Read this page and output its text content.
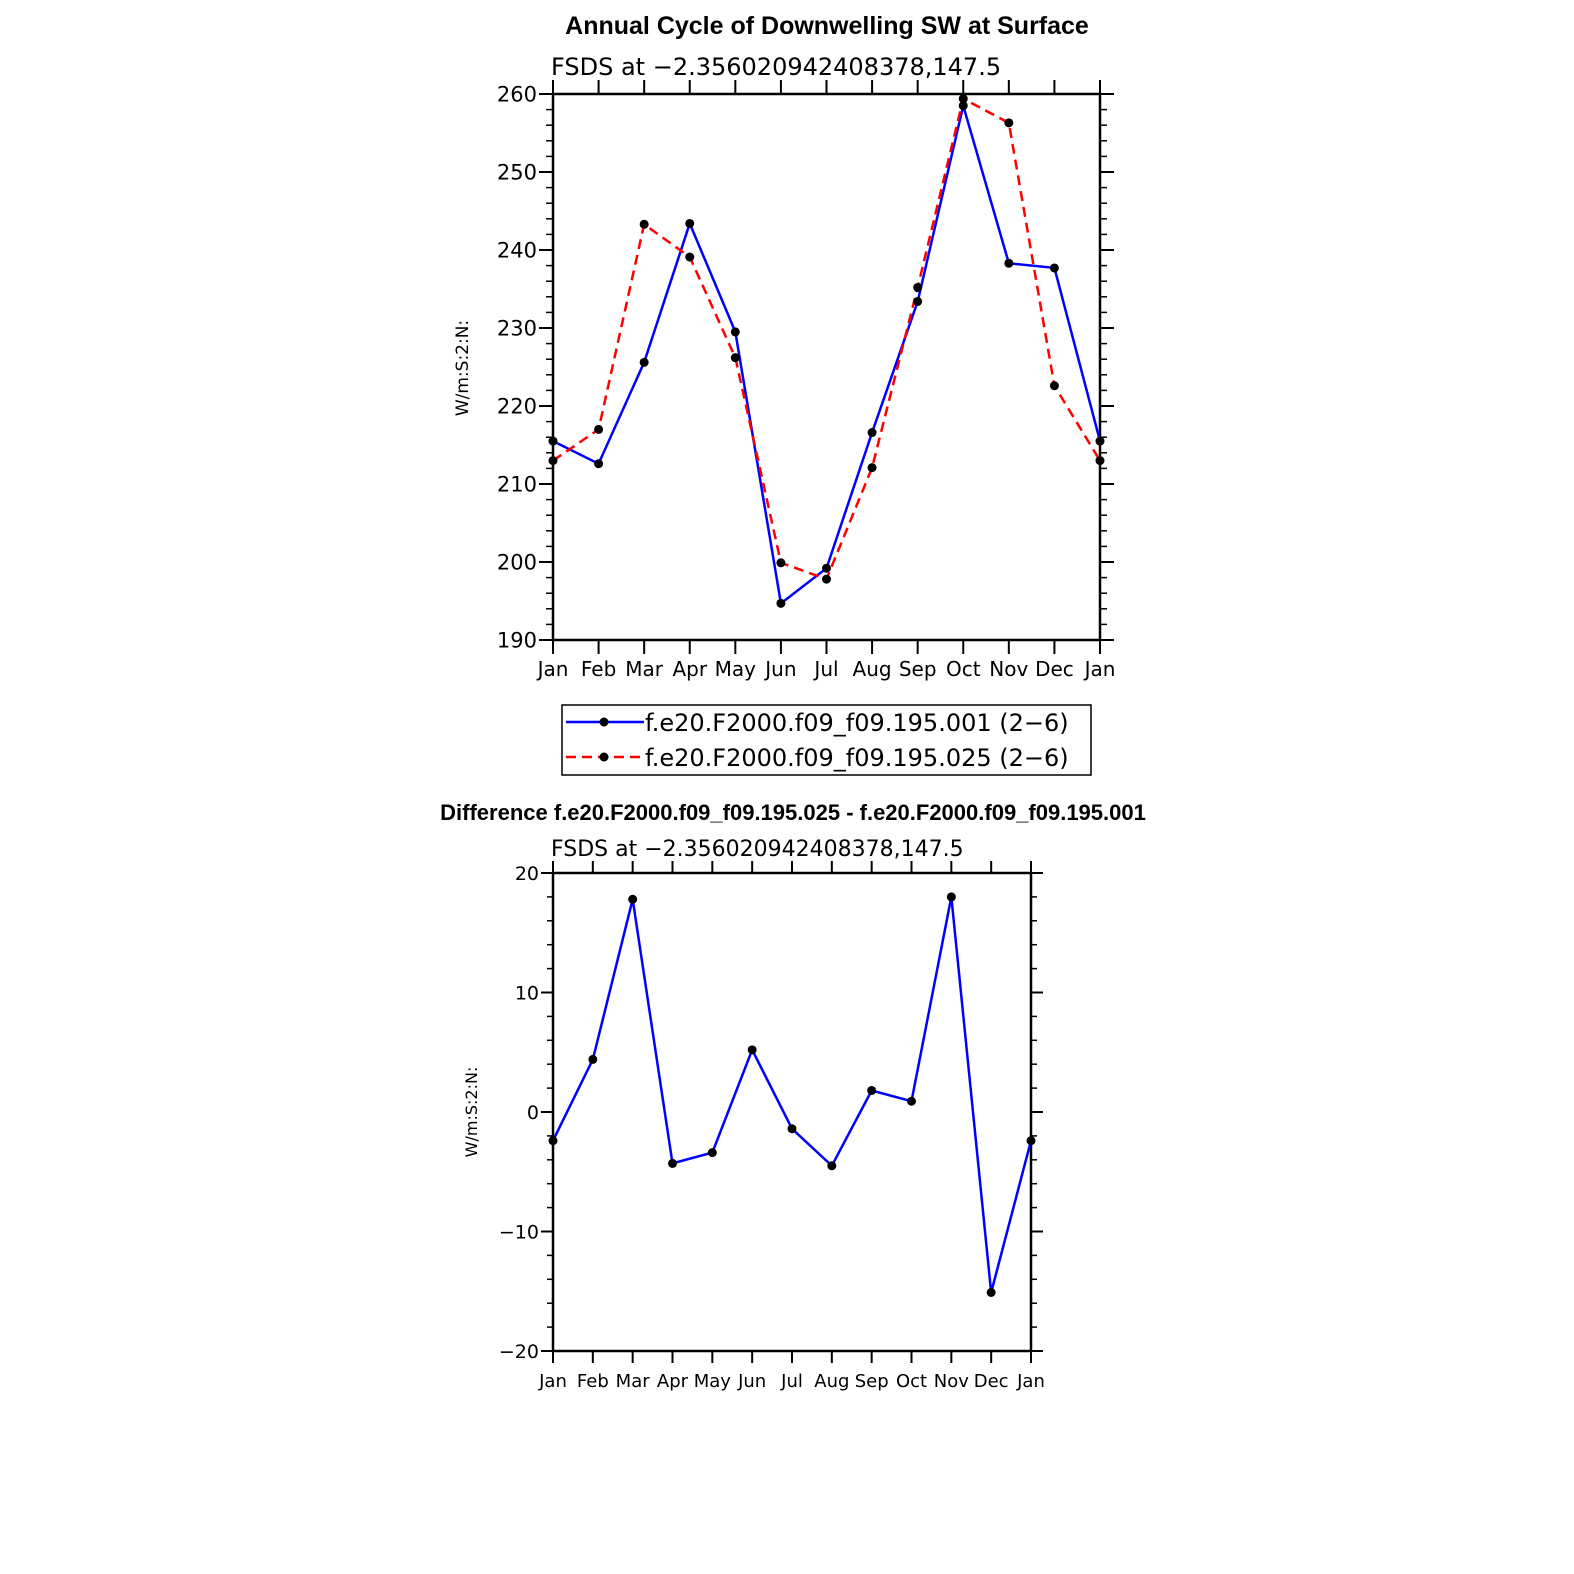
Annual Cycle of Downwelling SW at Surface
FSDS at −2.356020942408378,147.5
W/m:S:2:N:
Jan Feb Mar Apr May Jun Jul Aug Sep Oct Nov Dec Jan
190
200
210
220
230
240
250
260
f.e20.F2000.f09_f09.195.001 (2−6)
f.e20.F2000.f09_f09.195.025 (2−6)
Difference f.e20.F2000.f09_f09.195.025 - f.e20.F2000.f09_f09.195.001
FSDS at −2.356020942408378,147.5
W/m:S:2:N:
Jan Feb Mar Apr May Jun Jul Aug Sep Oct Nov Dec Jan
−20
−10
0
10
20
